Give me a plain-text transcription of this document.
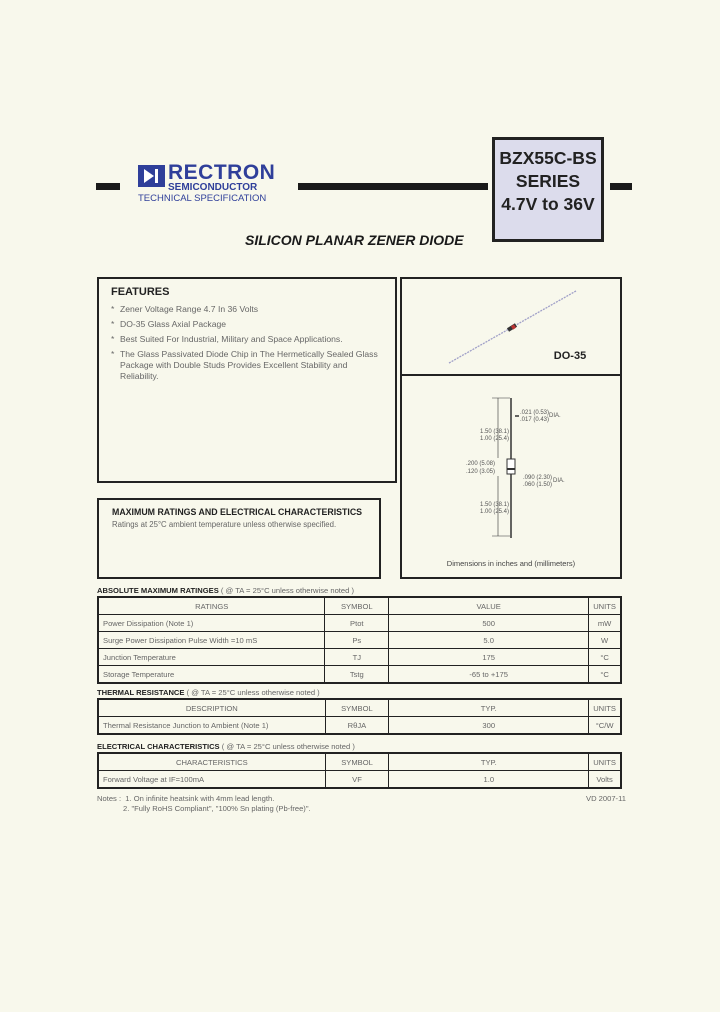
RECTRON
SEMICONDUCTOR
TECHNICAL SPECIFICATION
BZX55C-BS
SERIES
4.7V to 36V
SILICON PLANAR ZENER DIODE
FEATURES
* Zener Voltage Range 4.7 In 36 Volts
* DO-35 Glass Axial Package
* Best Suited For Industrial, Military and Space Applications.
* The Glass Passivated Diode Chip in The Hermetically Sealed Glass Package with Double Studs Provides Excellent Stability and Reliability.
DO-35
.021 (0.53)
.017 (0.43)
DIA.
1.50 (38.1)
1.00 (25.4)
.200 (5.08)
.120 (3.05)
.090 (2.30)
.060 (1.50)
DIA.
1.50 (38.1)
1.00 (25.4)
Dimensions in inches and (millimeters)
MAXIMUM RATINGS AND ELECTRICAL CHARACTERISTICS

Ratings at 25°C ambient temperature unless otherwise specified.

ABSOLUTE MAXIMUM RATINGES ( @ TA = 25°C unless otherwise noted )
RATINGS	SYMBOL	VALUE	UNITS
Power Dissipation (Note 1)	Ptot	500	mW
Surge Power Dissipation Pulse Width =10 mS	Ps	5.0	W
Junction Temperature	TJ	175	°C
Storage Temperature	Tstg	-65 to +175	°C
THERMAL RESISTANCE ( @ TA = 25°C unless otherwise noted )
DESCRIPTION	SYMBOL	TYP.	UNITS
Thermal Resistance Junction to Ambient (Note 1)	RθJA	300	°C/W
ELECTRICAL CHARACTERISTICS ( @ TA = 25°C unless otherwise noted )
CHARACTERISTICS	SYMBOL	TYP.	UNITS
Forward Voltage at IF=100mA	VF	1.0	Volts
Notes : 1. On infinite heatsink with 4mm lead length.
2. "Fully RoHS Compliant", "100% Sn plating (Pb-free)".
VD 2007-11
